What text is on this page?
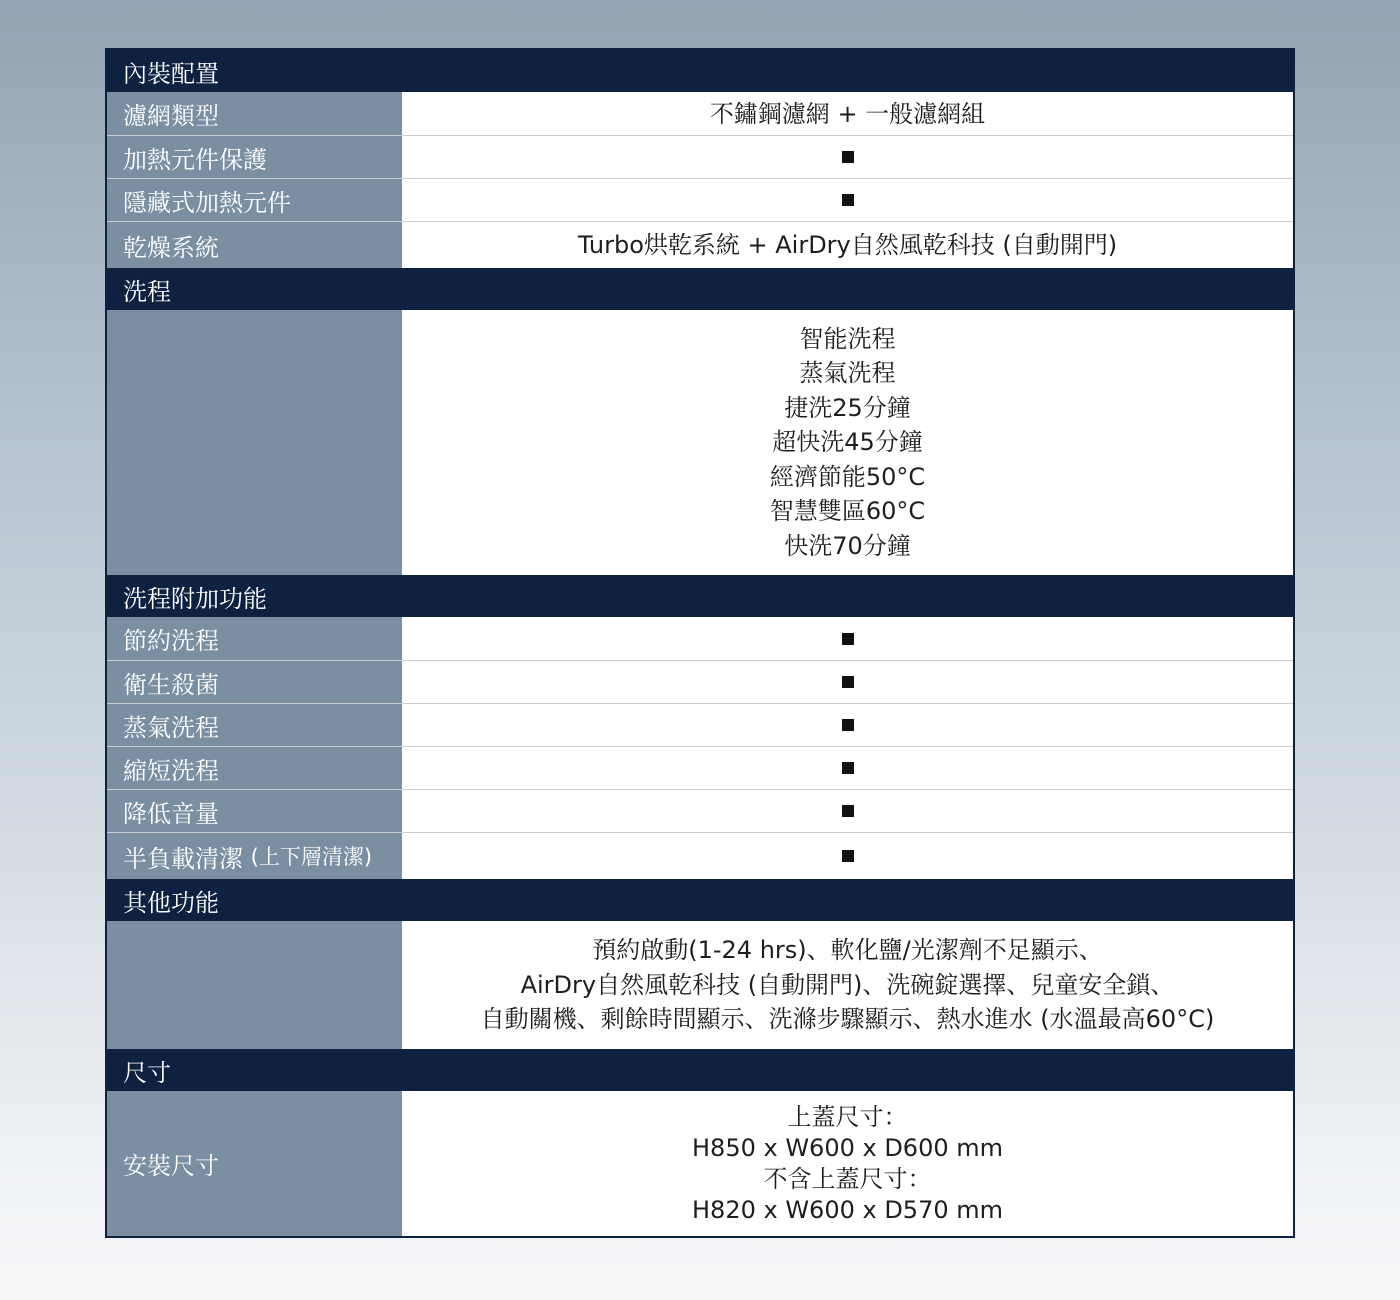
內裝配置
濾網類型	不鏽鋼濾網 + 一般濾網組
加熱元件保護
隱藏式加熱元件
乾燥系統	Turbo烘乾系統 + AirDry自然風乾科技 (自動開門)
洗程
智能洗程
蒸氣洗程
捷洗25分鐘
超快洗45分鐘
經濟節能50°C
智慧雙區60°C
快洗70分鐘
洗程附加功能
節約洗程
衛生殺菌
蒸氣洗程
縮短洗程
降低音量
半負載清潔
(上下層清潔)
其他功能
預約啟動(1-24 hrs)、軟化鹽/光潔劑不足顯示、
AirDry自然風乾科技 (自動開門)、洗碗錠選擇、兒童安全鎖、
自動關機、剩餘時間顯示、洗滌步驟顯示、熱水進水 (水溫最高60°C)
尺寸
安裝尺寸
上蓋尺寸：
H850 x W600 x D600 mm
不含上蓋尺寸：
H820 x W600 x D570 mm
